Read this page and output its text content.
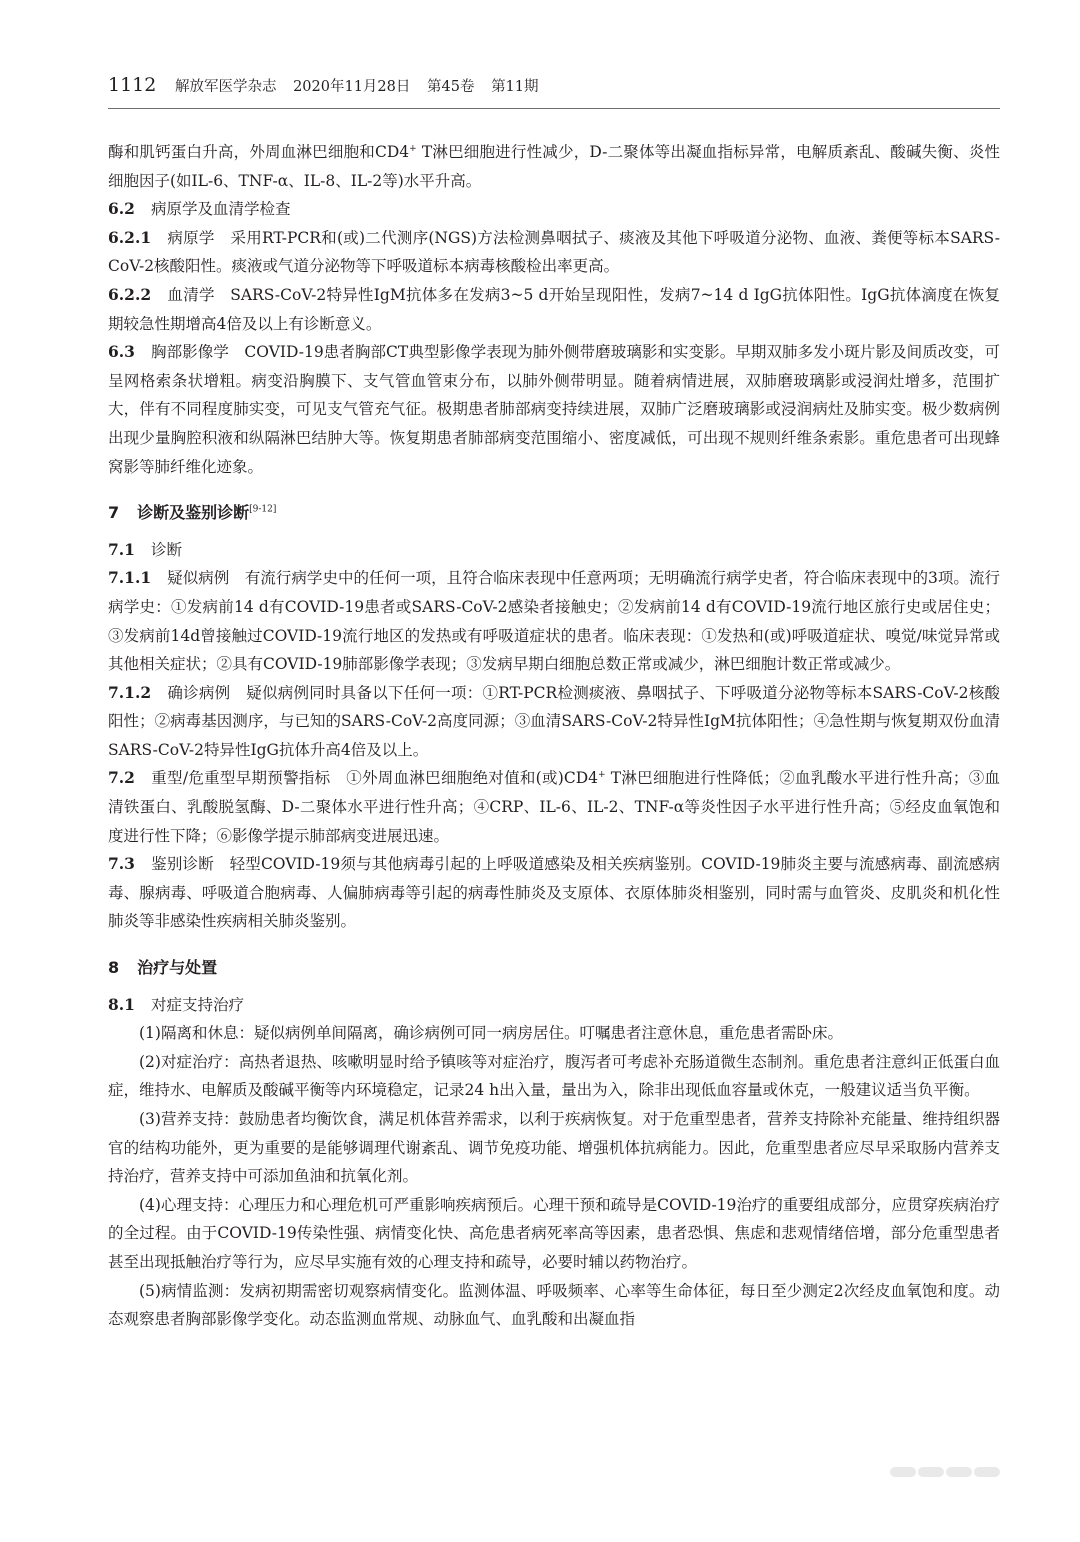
1112 解放军医学杂志 2020年11月28日 第45卷 第11期

酶和肌钙蛋白升高，外周血淋巴细胞和CD4+ T淋巴细胞进行性减少，D-二聚体等出凝血指标异常，电解质紊乱、酸碱失衡、炎性细胞因子(如IL-6、TNF-α、IL-8、IL-2等)水平升高。

6.2 病原学及血清学检查

6.2.1 病原学  采用RT-PCR和(或)二代测序(NGS)方法检测鼻咽拭子、痰液及其他下呼吸道分泌物、血液、粪便等标本SARS-CoV-2核酸阳性。痰液或气道分泌物等下呼吸道标本病毒核酸检出率更高。

6.2.2 血清学  SARS-CoV-2特异性IgM抗体多在发病3~5 d开始呈现阳性，发病7~14 d IgG抗体阳性。IgG抗体滴度在恢复期较急性期增高4倍及以上有诊断意义。

6.3 胸部影像学  COVID-19患者胸部CT典型影像学表现为肺外侧带磨玻璃影和实变影。早期双肺多发小斑片影及间质改变，可呈网格索条状增粗。病变沿胸膜下、支气管血管束分布，以肺外侧带明显。随着病情进展，双肺磨玻璃影或浸润灶增多，范围扩大，伴有不同程度肺实变，可见支气管充气征。极期患者肺部病变持续进展，双肺广泛磨玻璃影或浸润病灶及肺实变。极少数病例出现少量胸腔积液和纵隔淋巴结肿大等。恢复期患者肺部病变范围缩小、密度减低，可出现不规则纤维条索影。重危患者可出现蜂窝影等肺纤维化迹象。

7 诊断及鉴别诊断[9-12]

7.1 诊断

7.1.1 疑似病例  有流行病学史中的任何一项，且符合临床表现中任意两项；无明确流行病学史者，符合临床表现中的3项。流行病学史：①发病前14 d有COVID-19患者或SARS-CoV-2感染者接触史；②发病前14 d有COVID-19流行地区旅行史或居住史；③发病前14d曾接触过COVID-19流行地区的发热或有呼吸道症状的患者。临床表现：①发热和(或)呼吸道症状、嗅觉/味觉异常或其他相关症状；②具有COVID-19肺部影像学表现；③发病早期白细胞总数正常或减少，淋巴细胞计数正常或减少。

7.1.2 确诊病例  疑似病例同时具备以下任何一项：①RT-PCR检测痰液、鼻咽拭子、下呼吸道分泌物等标本SARS-CoV-2核酸阳性；②病毒基因测序，与已知的SARS-CoV-2高度同源；③血清SARS-CoV-2特异性IgM抗体阳性；④急性期与恢复期双份血清SARS-CoV-2特异性IgG抗体升高4倍及以上。

7.2 重型/危重型早期预警指标  ①外周血淋巴细胞绝对值和(或)CD4+ T淋巴细胞进行性降低；②血乳酸水平进行性升高；③血清铁蛋白、乳酸脱氢酶、D-二聚体水平进行性升高；④CRP、IL-6、IL-2、TNF-α等炎性因子水平进行性升高；⑤经皮血氧饱和度进行性下降；⑥影像学提示肺部病变进展迅速。

7.3 鉴别诊断  轻型COVID-19须与其他病毒引起的上呼吸道感染及相关疾病鉴别。COVID-19肺炎主要与流感病毒、副流感病毒、腺病毒、呼吸道合胞病毒、人偏肺病毒等引起的病毒性肺炎及支原体、衣原体肺炎相鉴别，同时需与血管炎、皮肌炎和机化性肺炎等非感染性疾病相关肺炎鉴别。

8 治疗与处置

8.1 对症支持治疗

(1)隔离和休息：疑似病例单间隔离，确诊病例可同一病房居住。叮嘱患者注意休息，重危患者需卧床。

(2)对症治疗：高热者退热、咳嗽明显时给予镇咳等对症治疗，腹泻者可考虑补充肠道微生态制剂。重危患者注意纠正低蛋白血症，维持水、电解质及酸碱平衡等内环境稳定，记录24 h出入量，量出为入，除非出现低血容量或休克，一般建议适当负平衡。

(3)营养支持：鼓励患者均衡饮食，满足机体营养需求，以利于疾病恢复。对于危重型患者，营养支持除补充能量、维持组织器官的结构功能外，更为重要的是能够调理代谢紊乱、调节免疫功能、增强机体抗病能力。因此，危重型患者应尽早采取肠内营养支持治疗，营养支持中可添加鱼油和抗氧化剂。

(4)心理支持：心理压力和心理危机可严重影响疾病预后。心理干预和疏导是COVID-19治疗的重要组成部分，应贯穿疾病治疗的全过程。由于COVID-19传染性强、病情变化快、高危患者病死率高等因素，患者恐惧、焦虑和悲观情绪倍增，部分危重型患者甚至出现抵触治疗等行为，应尽早实施有效的心理支持和疏导，必要时辅以药物治疗。

(5)病情监测：发病初期需密切观察病情变化。监测体温、呼吸频率、心率等生命体征，每日至少测定2次经皮血氧饱和度。动态观察患者胸部影像学变化。动态监测血常规、动脉血气、血乳酸和出凝血指
